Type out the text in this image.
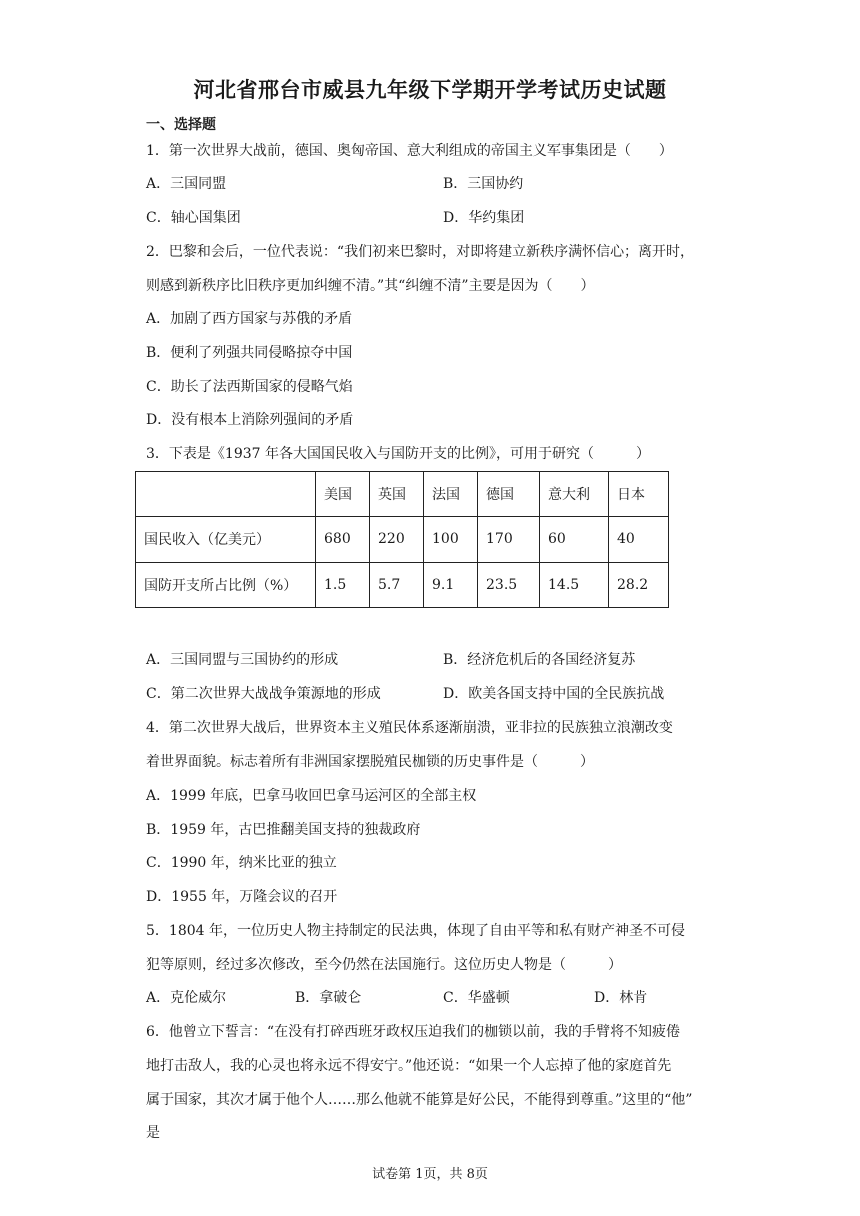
河北省邢台市威县九年级下学期开学考试历史试题
一、选择题
1．第一次世界大战前，德国、奥匈帝国、意大利组成的帝国主义军事集团是（　　）
A．三国同盟	B．三国协约
C．轴心国集团	D．华约集团
2．巴黎和会后，一位代表说：“我们初来巴黎时，对即将建立新秩序满怀信心；离开时，
则感到新秩序比旧秩序更加纠缠不清。”其“纠缠不清”主要是因为（　　）
A．加剧了西方国家与苏俄的矛盾
B．便利了列强共同侵略掠夺中国
C．助长了法西斯国家的侵略气焰
D．没有根本上消除列强间的矛盾
3．下表是《1937 年各大国国民收入与国防开支的比例》，可用于研究（　　　）
	美国	英国	法国	德国	意大利	日本
国民收入（亿美元）	680	220	100	170	60	40
国防开支所占比例（%）	1.5	5.7	9.1	23.5	14.5	28.2
A．三国同盟与三国协约的形成	B．经济危机后的各国经济复苏
C．第二次世界大战战争策源地的形成	D．欧美各国支持中国的全民族抗战
4．第二次世界大战后，世界资本主义殖民体系逐渐崩溃，亚非拉的民族独立浪潮改变
着世界面貌。标志着所有非洲国家摆脱殖民枷锁的历史事件是（　　　）
A．1999 年底，巴拿马收回巴拿马运河区的全部主权
B．1959 年，古巴推翻美国支持的独裁政府
C．1990 年，纳米比亚的独立
D．1955 年，万隆会议的召开
5．1804 年，一位历史人物主持制定的民法典，体现了自由平等和私有财产神圣不可侵
犯等原则，经过多次修改，至今仍然在法国施行。这位历史人物是（　　　）
A．克伦威尔	B．拿破仑	C．华盛顿	D．林肯
6．他曾立下誓言：“在没有打碎西班牙政权压迫我们的枷锁以前，我的手臂将不知疲倦
地打击敌人，我的心灵也将永远不得安宁。”他还说：“如果一个人忘掉了他的家庭首先
属于国家，其次才属于他个人……那么他就不能算是好公民，不能得到尊重。”这里的“他”
是
试卷第 1页，共 8页
